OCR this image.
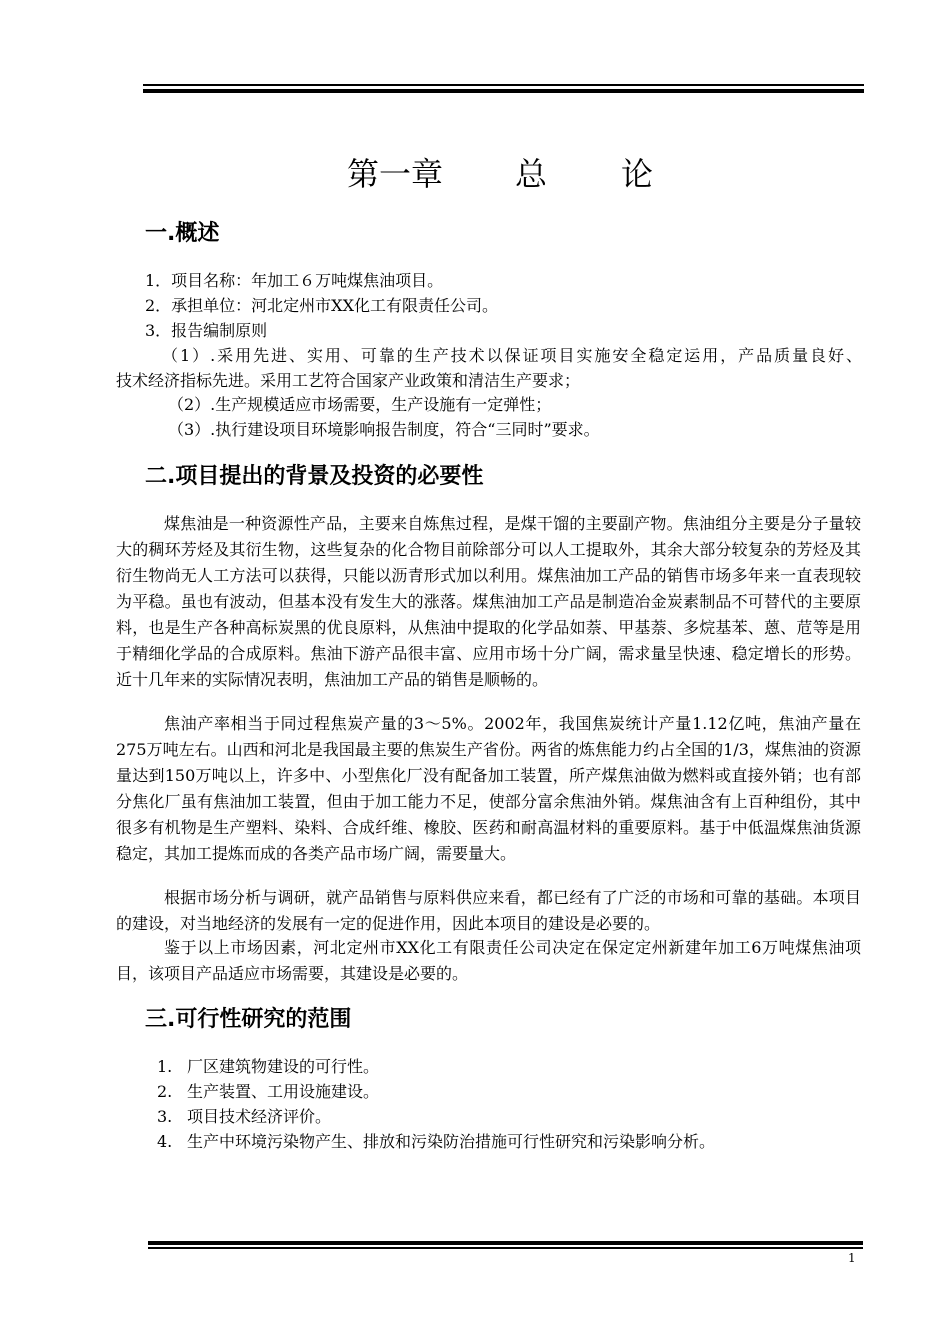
第一章 总 论
一.概述
1．项目名称：年加工６万吨煤焦油项目。
2．承担单位：河北定州市XX化工有限责任公司。
3．报告编制原则
（1）.采用先进、实用、可靠的生产技术以保证项目实施安全稳定运用，产品质量良好、
技术经济指标先进。采用工艺符合国家产业政策和清洁生产要求；
（2）.生产规模适应市场需要，生产设施有一定弹性；
（3）.执行建设项目环境影响报告制度，符合“三同时”要求。
二.项目提出的背景及投资的必要性
煤焦油是一种资源性产品，主要来自炼焦过程，是煤干馏的主要副产物。焦油组分主要是分子量较大的稠环芳烃及其衍生物，这些复杂的化合物目前除部分可以人工提取外，其余大部分较复杂的芳烃及其衍生物尚无人工方法可以获得，只能以沥青形式加以利用。煤焦油加工产品的销售市场多年来一直表现较为平稳。虽也有波动，但基本没有发生大的涨落。煤焦油加工产品是制造冶金炭素制品不可替代的主要原料，也是生产各种高标炭黑的优良原料，从焦油中提取的化学品如萘、甲基萘、多烷基苯、蒽、苊等是用于精细化学品的合成原料。焦油下游产品很丰富、应用市场十分广阔，需求量呈快速、稳定增长的形势。近十几年来的实际情况表明，焦油加工产品的销售是顺畅的。
焦油产率相当于同过程焦炭产量的3～5%。2002年，我国焦炭统计产量1.12亿吨，焦油产量在275万吨左右。山西和河北是我国最主要的焦炭生产省份。两省的炼焦能力约占全国的1/3，煤焦油的资源量达到150万吨以上，许多中、小型焦化厂没有配备加工装置，所产煤焦油做为燃料或直接外销；也有部分焦化厂虽有焦油加工装置，但由于加工能力不足，使部分富余焦油外销。煤焦油含有上百种组份，其中很多有机物是生产塑料、染料、合成纤维、橡胶、医药和耐高温材料的重要原料。基于中低温煤焦油货源稳定，其加工提炼而成的各类产品市场广阔，需要量大。
根据市场分析与调研，就产品销售与原料供应来看，都已经有了广泛的市场和可靠的基础。本项目的建设，对当地经济的发展有一定的促进作用，因此本项目的建设是必要的。
鉴于以上市场因素，河北定州市XX化工有限责任公司决定在保定定州新建年加工6万吨煤焦油项目，该项目产品适应市场需要，其建设是必要的。
三.可行性研究的范围
1. 厂区建筑物建设的可行性。
2. 生产装置、工用设施建设。
3. 项目技术经济评价。
4. 生产中环境污染物产生、排放和污染防治措施可行性研究和污染影响分析。
1
